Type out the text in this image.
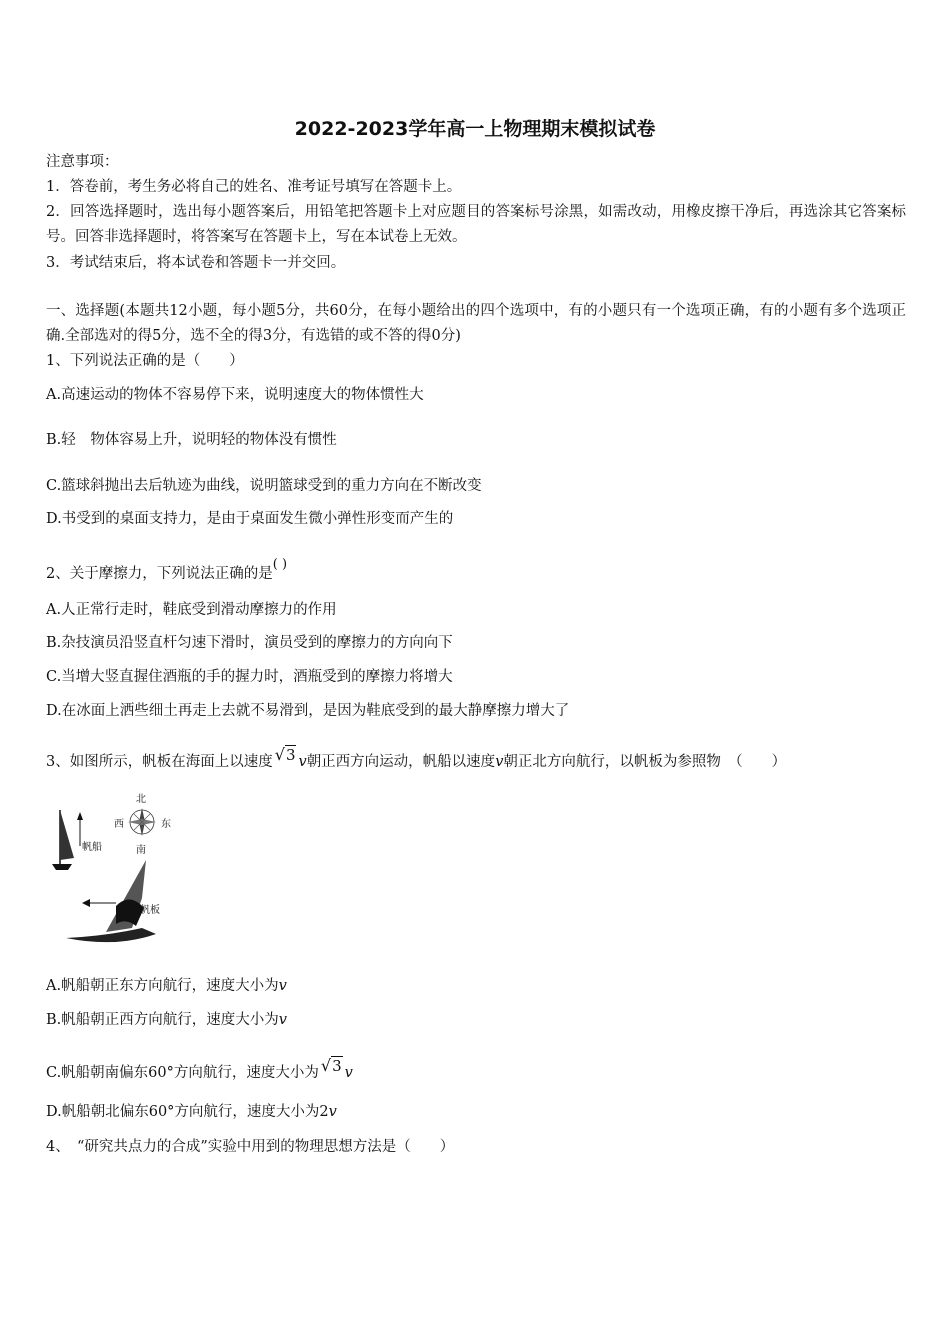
2022-2023学年高一上物理期末模拟试卷
注意事项：
1．答卷前，考生务必将自己的姓名、准考证号填写在答题卡上。
2．回答选择题时，选出每小题答案后，用铅笔把答题卡上对应题目的答案标号涂黑，如需改动，用橡皮擦干净后，再选涂其它答案标号。回答非选择题时，将答案写在答题卡上，写在本试卷上无效。
3．考试结束后，将本试卷和答题卡一并交回。
一、选择题(本题共12小题，每小题5分，共60分，在每小题给出的四个选项中，有的小题只有一个选项正确，有的小题有多个选项正确.全部选对的得5分，选不全的得3分，有选错的或不答的得0分)
1、下列说法正确的是（　　）
A.高速运动的物体不容易停下来，说明速度大的物体惯性大
B.轻　物体容易上升，说明轻的物体没有惯性
C.篮球斜抛出去后轨迹为曲线，说明篮球受到的重力方向在不断改变
D.书受到的桌面支持力，是由于桌面发生微小弹性形变而产生的
2、关于摩擦力，下列说法正确的是( )
A.人正常行走时，鞋底受到滑动摩擦力的作用
B.杂技演员沿竖直杆匀速下滑时，演员受到的摩擦力的方向向下
C.当增大竖直握住酒瓶的手的握力时，酒瓶受到的摩擦力将增大
D.在冰面上洒些细土再走上去就不易滑到，是因为鞋底受到的最大静摩擦力增大了
3、如图所示，帆板在海面上以速度 √3 v朝正西方向运动，帆船以速度v朝正北方向航行，以帆板为参照物　（　　）
北
南
西	东
帆船
帆板
A.帆船朝正东方向航行，速度大小为v
B.帆船朝正西方向航行，速度大小为v
C.帆船朝南偏东60°方向航行，速度大小为 √3 v
D.帆船朝北偏东60°方向航行，速度大小为2v
4、　“研究共点力的合成”实验中用到的物理思想方法是（　　）
